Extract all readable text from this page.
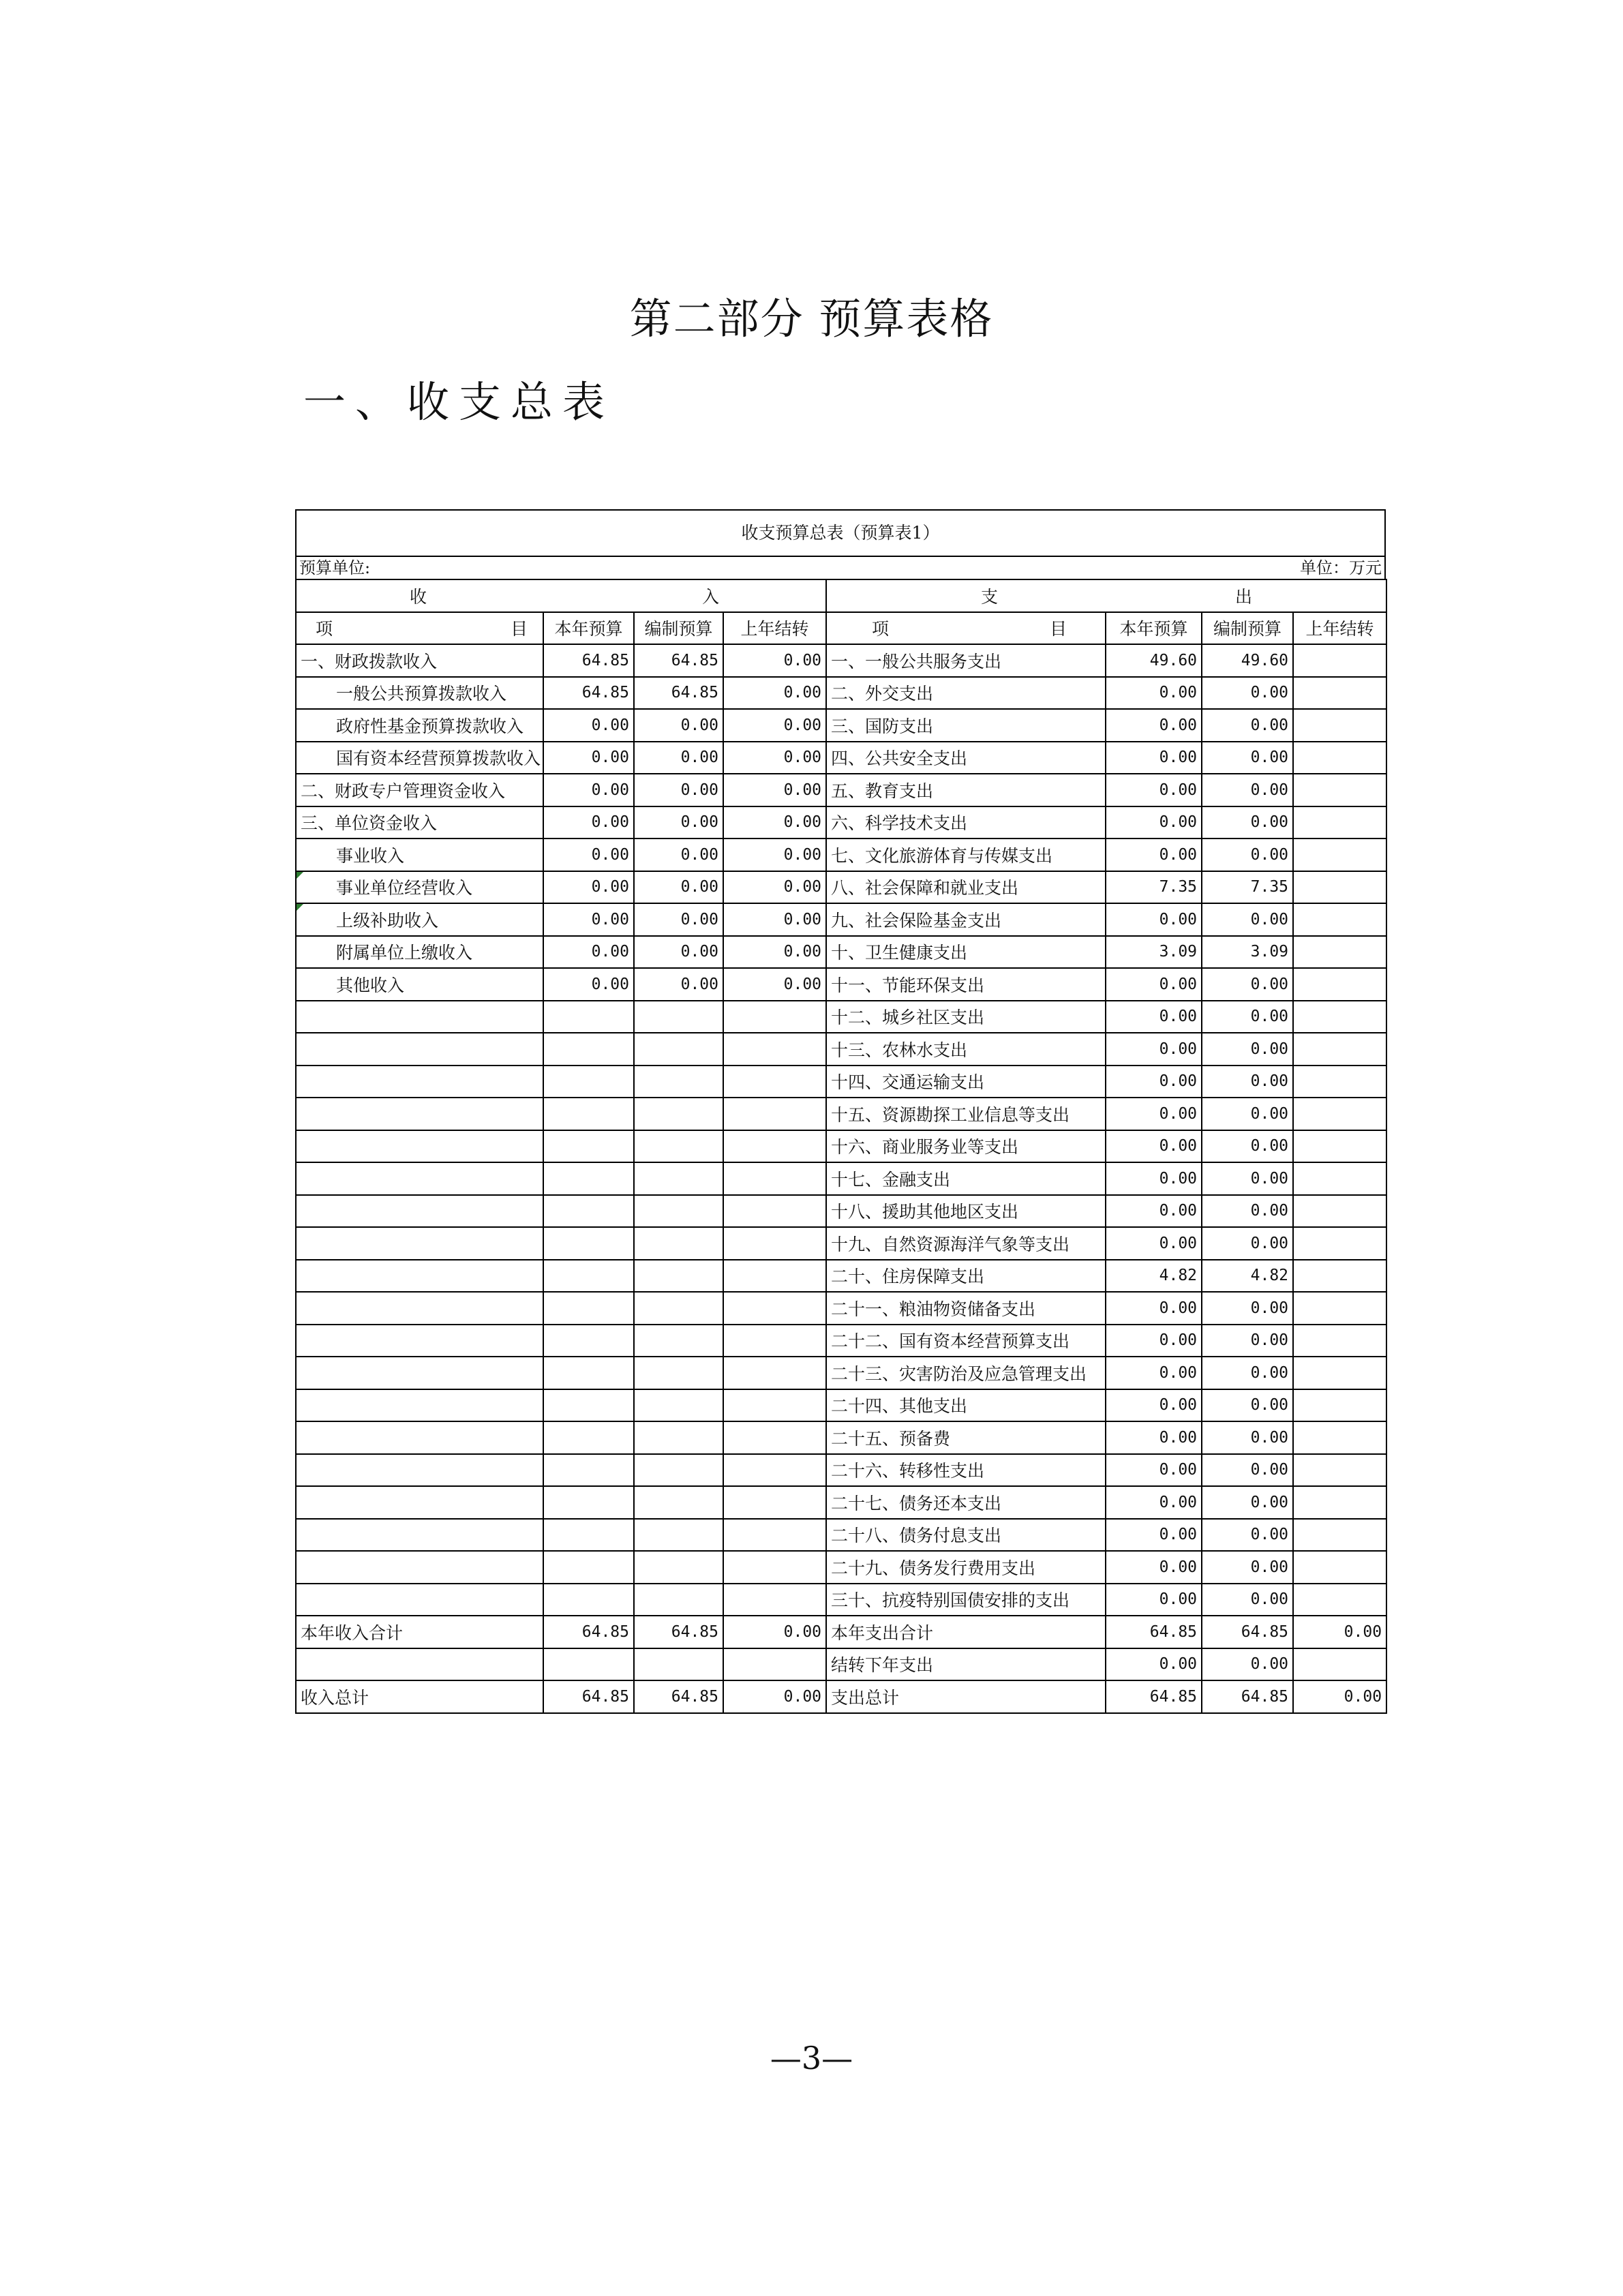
第二部分 预算表格
一、收支总表
收支预算总表（预算表1）
预算单位:	单位：万元
收 入				支 出			

项 目	本年预算	编制预算	上年结转	项 目	本年预算	编制预算	上年结转
一、财政拨款收入	64.85	64.85	0.00	一、一般公共服务支出	49.60	49.60	
一般公共预算拨款收入	64.85	64.85	0.00	二、外交支出	0.00	0.00	
政府性基金预算拨款收入	0.00	0.00	0.00	三、国防支出	0.00	0.00	
国有资本经营预算拨款收入	0.00	0.00	0.00	四、公共安全支出	0.00	0.00	
二、财政专户管理资金收入	0.00	0.00	0.00	五、教育支出	0.00	0.00	
三、单位资金收入	0.00	0.00	0.00	六、科学技术支出	0.00	0.00	
事业收入	0.00	0.00	0.00	七、文化旅游体育与传媒支出	0.00	0.00	
事业单位经营收入	0.00	0.00	0.00	八、社会保障和就业支出	7.35	7.35	
上级补助收入	0.00	0.00	0.00	九、社会保险基金支出	0.00	0.00	
附属单位上缴收入	0.00	0.00	0.00	十、卫生健康支出	3.09	3.09	
其他收入	0.00	0.00	0.00	十一、节能环保支出	0.00	0.00	
				十二、城乡社区支出	0.00	0.00	
				十三、农林水支出	0.00	0.00	
				十四、交通运输支出	0.00	0.00	
				十五、资源勘探工业信息等支出	0.00	0.00	
				十六、商业服务业等支出	0.00	0.00	
				十七、金融支出	0.00	0.00	
				十八、援助其他地区支出	0.00	0.00	
				十九、自然资源海洋气象等支出	0.00	0.00	
				二十、住房保障支出	4.82	4.82	
				二十一、粮油物资储备支出	0.00	0.00	
				二十二、国有资本经营预算支出	0.00	0.00	
				二十三、灾害防治及应急管理支出	0.00	0.00	
				二十四、其他支出	0.00	0.00	
				二十五、预备费	0.00	0.00	
				二十六、转移性支出	0.00	0.00	
				二十七、债务还本支出	0.00	0.00	
				二十八、债务付息支出	0.00	0.00	
				二十九、债务发行费用支出	0.00	0.00	
				三十、抗疫特别国债安排的支出	0.00	0.00	
本年收入合计	64.85	64.85	0.00	本年支出合计	64.85	64.85	0.00
				结转下年支出	0.00	0.00	
收入总计	64.85	64.85	0.00	支出总计	64.85	64.85	0.00
—3—
